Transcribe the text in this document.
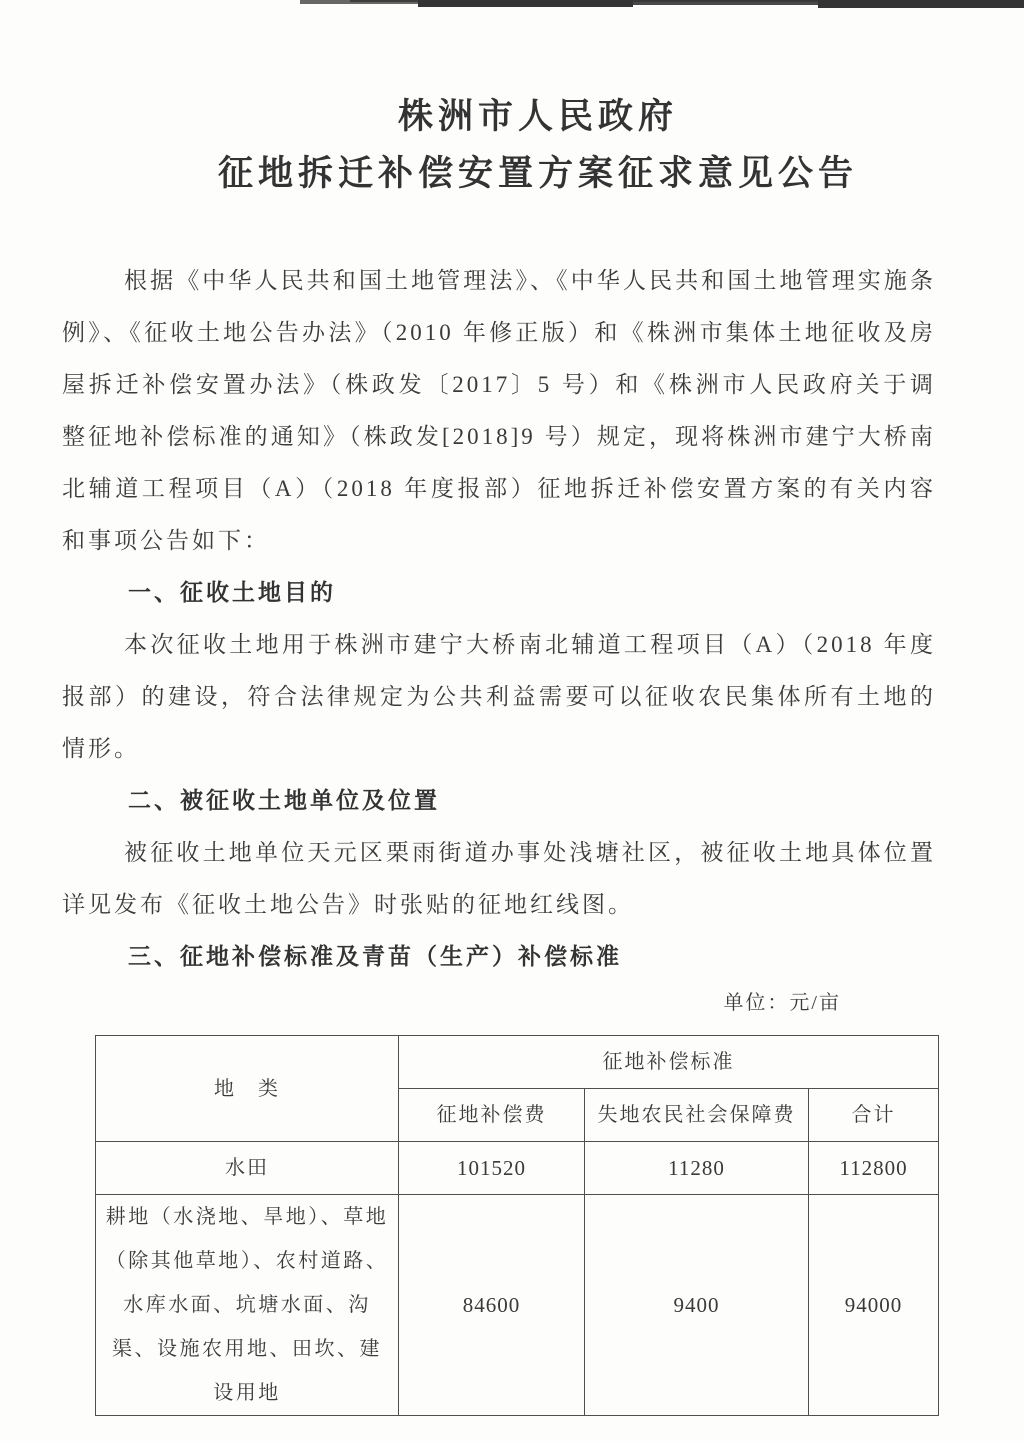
株洲市人民政府
征地拆迁补偿安置方案征求意见公告

根据《中华人民共和国土地管理法》、《中华人民共和国土地管理实施条例》、《征收土地公告办法》（2010 年修正版）和《株洲市集体土地征收及房屋拆迁补偿安置办法》（株政发〔2017〕5 号）和《株洲市人民政府关于调整征地补偿标准的通知》（株政发[2018]9 号）规定，现将株洲市建宁大桥南北辅道工程项目（A）（2018 年度报部）征地拆迁补偿安置方案的有关内容和事项公告如下：

一、征收土地目的

本次征收土地用于株洲市建宁大桥南北辅道工程项目（A）（2018 年度报部）的建设，符合法律规定为公共利益需要可以征收农民集体所有土地的情形。

二、被征收土地单位及位置

被征收土地单位天元区栗雨街道办事处浅塘社区，被征收土地具体位置详见发布《征收土地公告》时张贴的征地红线图。

三、征地补偿标准及青苗（生产）补偿标准

单位：元/亩
地　类	征地补偿标准		
	征地补偿费	失地农民社会保障费	合计
水田	101520	11280	112800
耕地（水浇地、旱地）、草地（除其他草地）、农村道路、水库水面、坑塘水面、沟渠、设施农用地、田坎、建设用地	84600	9400	94000
